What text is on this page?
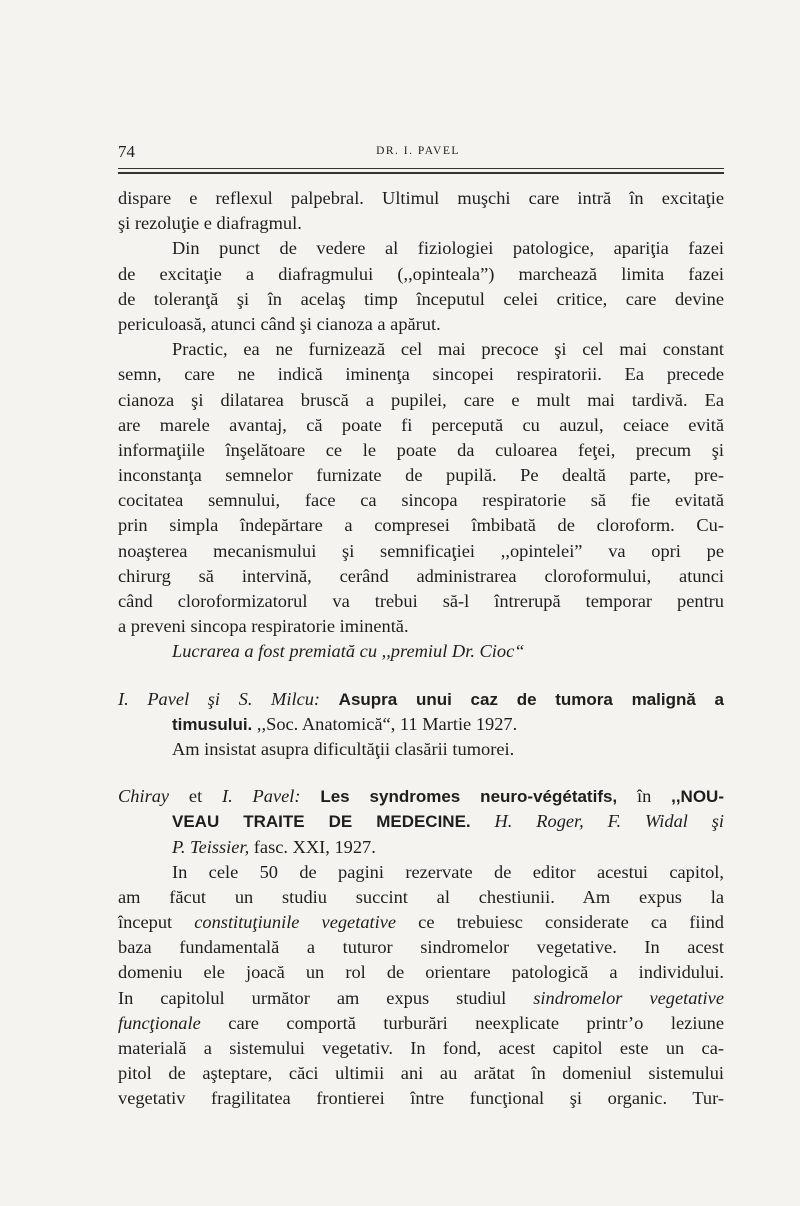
74	DR. I. PAVEL
dispare e reflexul palpebral. Ultimul muşchi care intră în excitaţie
şi rezoluţie e diafragmul.
Din punct de vedere al fiziologiei patologice, apariţia fazei
de excitaţie a diafragmului (,,opinteala”) marchează limita fazei
de toleranţă şi în acelaş timp începutul celei critice, care devine
periculoasă, atunci când şi cianoza a apărut.
Practic, ea ne furnizează cel mai precoce şi cel mai constant
semn, care ne indică iminenţa sincopei respiratorii. Ea precede
cianoza şi dilatarea bruscă a pupilei, care e mult mai tardivă. Ea
are marele avantaj, că poate fi percepută cu auzul, ceiace evită
informaţiile înşelătoare ce le poate da culoarea feţei, precum şi
inconstanţa semnelor furnizate de pupilă. Pe dealtă parte, pre-
cocitatea semnului, face ca sincopa respiratorie să fie evitată
prin simpla îndepărtare a compresei îmbibată de cloroform. Cu-
noaşterea mecanismului şi semnificaţiei ,,opintelei” va opri pe
chirurg să intervină, cerând administrarea cloroformului, atunci
când cloroformizatorul va trebui să-l întrerupă temporar pentru
a preveni sincopa respiratorie iminentă.
Lucrarea a fost premiată cu ,,premiul Dr. Cioc“
I. Pavel şi S. Milcu: Asupra unui caz de tumora malignă a
timusului. ,,Soc. Anatomică“, 11 Martie 1927.
Am insistat asupra dificultăţii clasării tumorei.
Chiray et I. Pavel: Les syndromes neuro-végétatifs, în ,,NOU-
VEAU TRAITE DE MEDECINE. H. Roger, F. Widal şi
P. Teissier, fasc. XXI, 1927.
In cele 50 de pagini rezervate de editor acestui capitol,
am făcut un studiu succint al chestiunii. Am expus la
început constituţiunile vegetative ce trebuiesc considerate ca fiind
baza fundamentală a tuturor sindromelor vegetative. In acest
domeniu ele joacă un rol de orientare patologică a individului.
In capitolul următor am expus studiul sindromelor vegetative
funcţionale care comportă turburări neexplicate printr’o leziune
materială a sistemului vegetativ. In fond, acest capitol este un ca-
pitol de aşteptare, căci ultimii ani au arătat în domeniul sistemului
vegetativ fragilitatea frontierei între funcţional şi organic. Tur-
